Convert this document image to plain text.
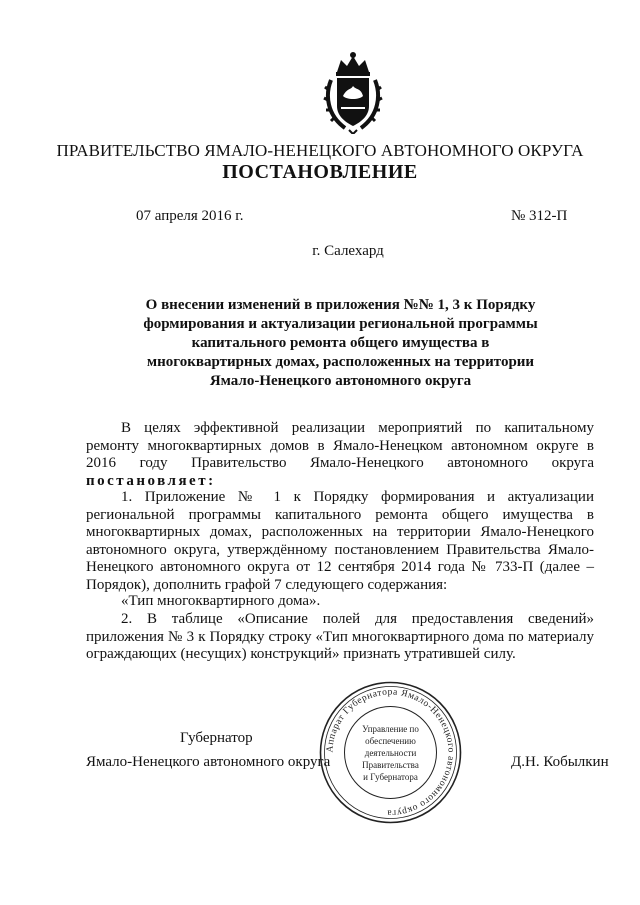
ПРАВИТЕЛЬСТВО ЯМАЛО-НЕНЕЦКОГО АВТОНОМНОГО ОКРУГА
ПОСТАНОВЛЕНИЕ
07 апреля 2016 г.	№ 312-П
г. Салехард
О внесении изменений в приложения №№ 1, 3 к Порядку формирования и актуализации региональной программы капитального ремонта общего имущества в многоквартирных домах, расположенных на территории Ямало-Ненецкого автономного округа
В целях эффективной реализации мероприятий по капитальному ремонту многоквартирных домов в Ямало-Ненецком автономном округе в 2016 году Правительство Ямало-Ненецкого автономного округа постановляет:
1. Приложение № 1 к Порядку формирования и актуализации региональной программы капитального ремонта общего имущества в многоквартирных домах, расположенных на территории Ямало-Ненецкого автономного округа, утверждённому постановлением Правительства Ямало-Ненецкого автономного округа от 12 сентября 2014 года № 733-П (далее – Порядок), дополнить графой 7 следующего содержания:
«Тип многоквартирного дома».
2. В таблице «Описание полей для предоставления сведений» приложения № 3 к Порядку строку «Тип многоквартирного дома по материалу ограждающих (несущих) конструкций» признать утратившей силу.
Губернатор
Ямало-Ненецкого автономного округа	Д.Н. Кобылкин
Аппарат Губернатора Ямало-Ненецкого автономного округа
Управление по
обеспечению
деятельности
Правительства
и Губернатора
